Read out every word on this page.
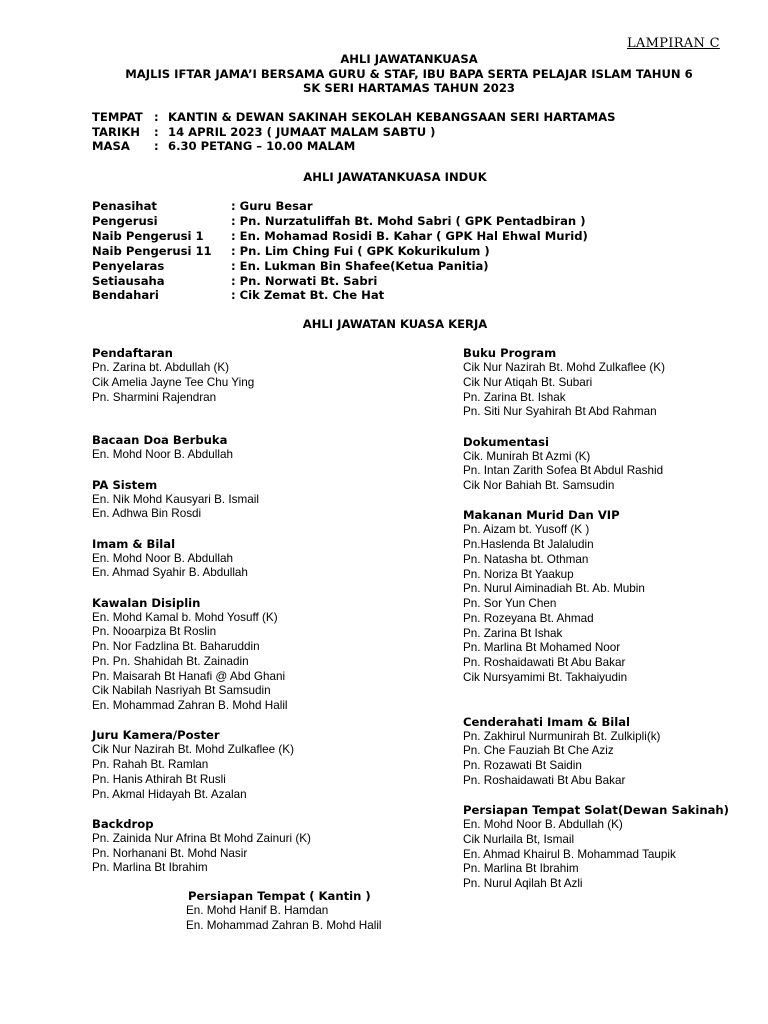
LAMPIRAN C
AHLI JAWATANKUASA
MAJLIS IFTAR JAMA’I BERSAMA GURU & STAF, IBU BAPA SERTA PELAJAR ISLAM TAHUN 6
SK SERI HARTAMAS TAHUN 2023
TEMPAT : KANTIN & DEWAN SAKINAH SEKOLAH KEBANGSAAN SERI HARTAMAS
TARIKH	: 14 APRIL 2023 ( JUMAAT MALAM SABTU )
MASA	: 6.30 PETANG – 10.00 MALAM
AHLI JAWATANKUASA INDUK
Penasihat	: Guru Besar
Pengerusi	: Pn. Nurzatuliffah Bt. Mohd Sabri ( GPK Pentadbiran )
Naib Pengerusi 1	: En. Mohamad Rosidi B. Kahar ( GPK Hal Ehwal Murid)
Naib Pengerusi 11	: Pn. Lim Ching Fui ( GPK Kokurikulum )
Penyelaras	: En. Lukman Bin Shafee(Ketua Panitia)
Setiausaha	: Pn. Norwati Bt. Sabri
Bendahari	: Cik Zemat Bt. Che Hat
AHLI JAWATAN KUASA KERJA
Pendaftaran
Pn. Zarina bt. Abdullah (K)
Cik Amelia Jayne Tee Chu Ying
Pn. Sharmini Rajendran
Bacaan Doa Berbuka
En. Mohd Noor B. Abdullah
PA Sistem
En. Nik Mohd Kausyari B. Ismail
En. Adhwa Bin Rosdi
Imam & Bilal
En. Mohd Noor B. Abdullah
En. Ahmad Syahir B. Abdullah
Kawalan Disiplin
En. Mohd Kamal b. Mohd Yosuff (K)
Pn. Nooarpiza Bt Roslin
Pn. Nor Fadzlina Bt. Baharuddin
Pn. Pn. Shahidah Bt. Zainadin
Pn. Maisarah Bt Hanafi @ Abd Ghani
Cik Nabilah Nasriyah Bt Samsudin
En. Mohammad Zahran B. Mohd Halil
Juru Kamera/Poster
Cik Nur Nazirah Bt. Mohd Zulkaflee (K)
Pn. Rahah Bt. Ramlan
Pn. Hanis Athirah Bt Rusli
Pn. Akmal Hidayah Bt. Azalan
Backdrop
Pn. Zainida Nur Afrina Bt Mohd Zainuri (K)
Pn. Norhanani Bt. Mohd Nasir
Pn. Marlina Bt Ibrahim
Persiapan Tempat ( Kantin )
En. Mohd Hanif B. Hamdan
En. Mohammad Zahran B. Mohd Halil
Buku Program
Cik Nur Nazirah Bt. Mohd Zulkaflee (K)
Cik Nur Atiqah Bt. Subari
Pn. Zarina Bt. Ishak
Pn. Siti Nur Syahirah Bt Abd Rahman
Dokumentasi
Cik. Munirah Bt Azmi (K)
Pn. Intan Zarith Sofea Bt Abdul Rashid
Cik Nor Bahiah Bt. Samsudin
Makanan Murid Dan VIP
Pn. Aizam bt. Yusoff (K )
Pn.Haslenda Bt Jalaludin
Pn. Natasha bt. Othman
Pn. Noriza Bt Yaakup
Pn. Nurul Aiminadiah Bt. Ab. Mubin
Pn. Sor Yun Chen
Pn. Rozeyana Bt. Ahmad
Pn. Zarina Bt Ishak
Pn. Marlina Bt Mohamed Noor
Pn. Roshaidawati Bt Abu Bakar
Cik Nursyamimi Bt. Takhaiyudin
Cenderahati Imam & Bilal
Pn. Zakhirul Nurmunirah Bt. Zulkipli(k)
Pn. Che Fauziah Bt Che Aziz
Pn. Rozawati Bt Saidin
Pn. Roshaidawati Bt Abu Bakar
Persiapan Tempat Solat(Dewan Sakinah)
En. Mohd Noor B. Abdullah (K)
Cik Nurlaila Bt, Ismail
En. Ahmad Khairul B. Mohammad Taupik
Pn. Marlina Bt Ibrahim
Pn. Nurul Aqilah Bt Azli
